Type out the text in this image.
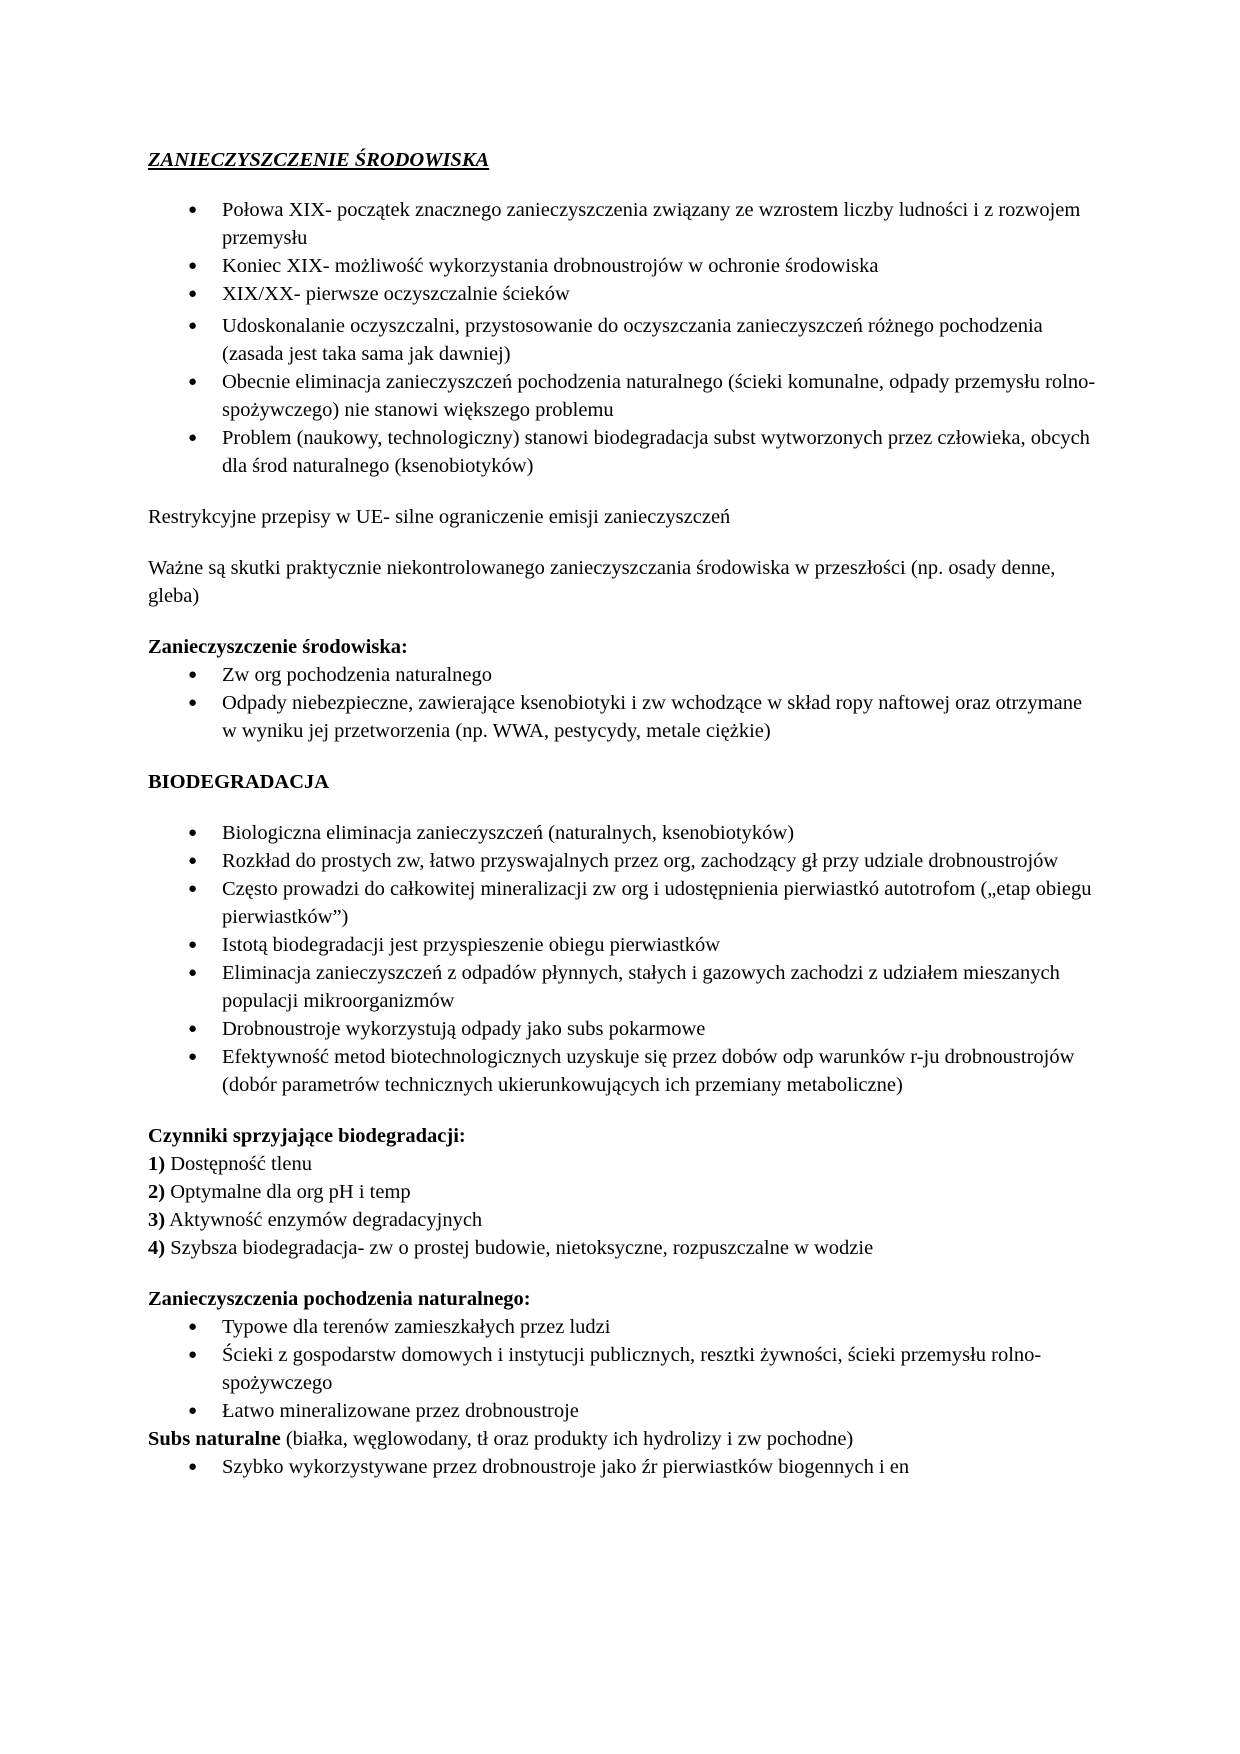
ZANIECZYSZCZENIE ŚRODOWISKA

● Połowa XIX- początek znacznego zanieczyszczenia związany ze wzrostem liczby ludności i z rozwojem przemysłu
● Koniec XIX- możliwość wykorzystania drobnoustrojów w ochronie środowiska
● XIX/XX- pierwsze oczyszczalnie ścieków
● Udoskonalanie oczyszczalni, przystosowanie do oczyszczania zanieczyszczeń różnego pochodzenia (zasada jest taka sama jak dawniej)
● Obecnie eliminacja zanieczyszczeń pochodzenia naturalnego (ścieki komunalne, odpady przemysłu rolno-spożywczego) nie stanowi większego problemu
● Problem (naukowy, technologiczny) stanowi biodegradacja subst wytworzonych przez człowieka, obcych dla środ naturalnego (ksenobiotyków)

Restrykcyjne przepisy w UE- silne ograniczenie emisji zanieczyszczeń

Ważne są skutki praktycznie niekontrolowanego zanieczyszczania środowiska w przeszłości (np. osady denne, gleba)

Zanieczyszczenie środowiska:

● Zw org pochodzenia naturalnego
● Odpady niebezpieczne, zawierające ksenobiotyki i zw wchodzące w skład ropy naftowej oraz otrzymane w wyniku jej przetworzenia (np. WWA, pestycydy, metale ciężkie)

BIODEGRADACJA

● Biologiczna eliminacja zanieczyszczeń (naturalnych, ksenobiotyków)
● Rozkład do prostych zw, łatwo przyswajalnych przez org, zachodzący gł przy udziale drobnoustrojów
● Często prowadzi do całkowitej mineralizacji zw org i udostępnienia pierwiastkó autotrofom („etap obiegu pierwiastków”)
● Istotą biodegradacji jest przyspieszenie obiegu pierwiastków
● Eliminacja zanieczyszczeń z odpadów płynnych, stałych i gazowych zachodzi z udziałem mieszanych populacji mikroorganizmów
● Drobnoustroje wykorzystują odpady jako subs pokarmowe
● Efektywność metod biotechnologicznych uzyskuje się przez dobów odp warunków r-ju drobnoustrojów (dobór parametrów technicznych ukierunkowujących ich przemiany metaboliczne)

Czynniki sprzyjające biodegradacji:

1) Dostępność tlenu

2) Optymalne dla org pH i temp

3) Aktywność enzymów degradacyjnych

4) Szybsza biodegradacja- zw o prostej budowie, nietoksyczne, rozpuszczalne w wodzie

Zanieczyszczenia pochodzenia naturalnego:

● Typowe dla terenów zamieszkałych przez ludzi
● Ścieki z gospodarstw domowych i instytucji publicznych, resztki żywności, ścieki przemysłu rolno- spożywczego
● Łatwo mineralizowane przez drobnoustroje

Subs naturalne (białka, węglowodany, tł oraz produkty ich hydrolizy i zw pochodne)

● Szybko wykorzystywane przez drobnoustroje jako źr pierwiastków biogennych i en
